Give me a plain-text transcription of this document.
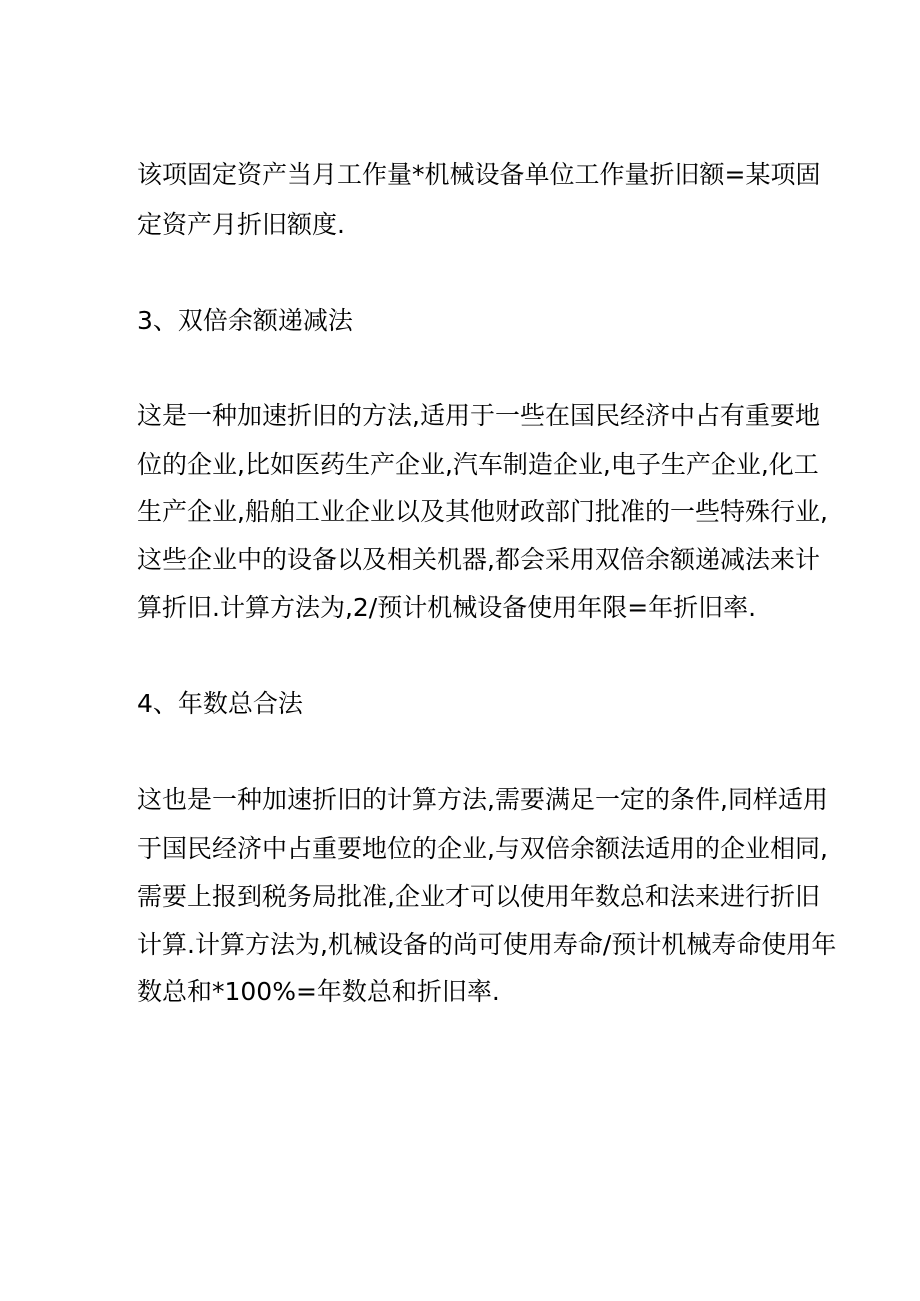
该项固定资产当月工作量*机械设备单位工作量折旧额=某项固
定资产月折旧额度.
3、双倍余额递减法
这是一种加速折旧的方法,适用于一些在国民经济中占有重要地
位的企业,比如医药生产企业,汽车制造企业,电子生产企业,化工
生产企业,船舶工业企业以及其他财政部门批准的一些特殊行业,
这些企业中的设备以及相关机器,都会采用双倍余额递减法来计
算折旧.计算方法为,2/预计机械设备使用年限=年折旧率.
4、年数总合法
这也是一种加速折旧的计算方法,需要满足一定的条件,同样适用
于国民经济中占重要地位的企业,与双倍余额法适用的企业相同,
需要上报到税务局批准,企业才可以使用年数总和法来进行折旧
计算.计算方法为,机械设备的尚可使用寿命/预计机械寿命使用年
数总和*100%=年数总和折旧率.
